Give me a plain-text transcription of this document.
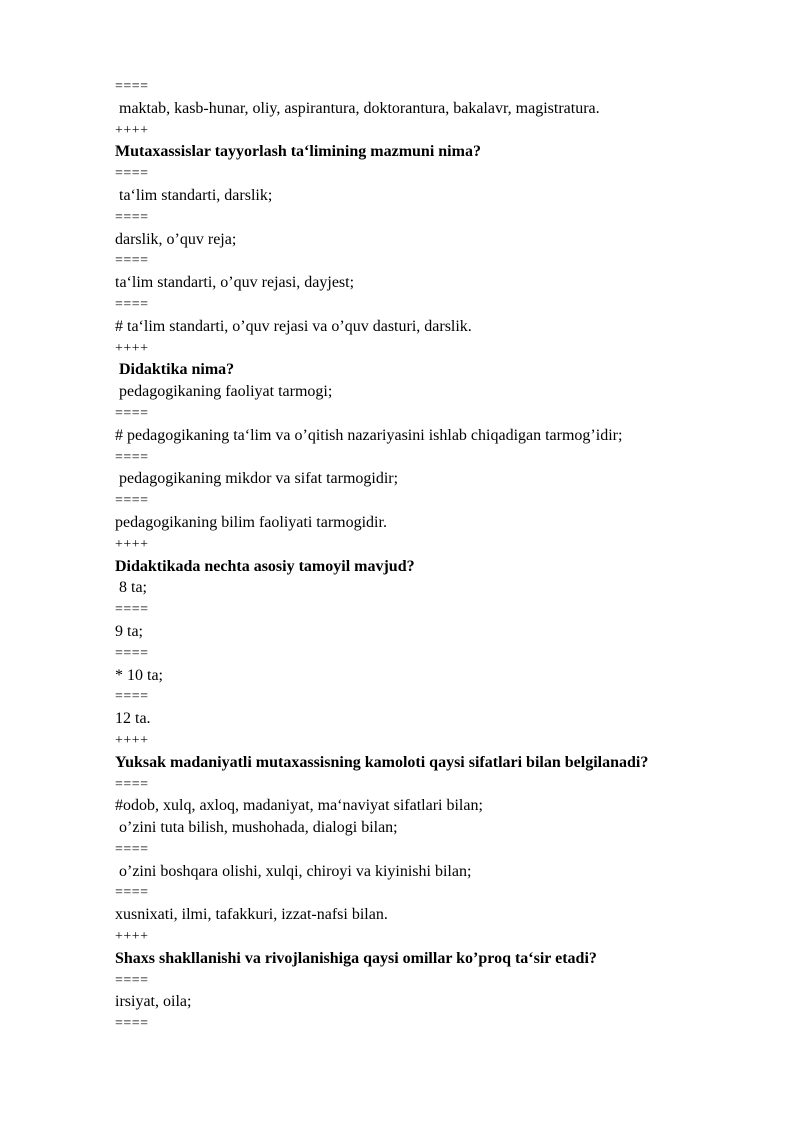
====
maktab, kasb-hunar, oliy, aspirantura, doktorantura, bakalavr, magistratura.
++++
Mutaxassislar tayyorlash ta‘limining mazmuni nima?
====
ta‘lim standarti, darslik;
====
darslik, o’quv reja;
====
ta‘lim standarti, o’quv rejasi, dayjest;
====
# ta‘lim standarti, o’quv rejasi va o’quv dasturi, darslik.
++++
Didaktika nima?
pedagogikaning faoliyat tarmogi;
====
# pedagogikaning ta‘lim va o’qitish nazariyasini ishlab chiqadigan tarmog’idir;
====
pedagogikaning mikdor va sifat tarmogidir;
====
pedagogikaning bilim faoliyati tarmogidir.
++++
Didaktikada nechta asosiy tamoyil mavjud?
8 ta;
====
9 ta;
====
* 10 ta;
====
12 ta.
++++
Yuksak madaniyatli mutaxassisning kamoloti qaysi sifatlari bilan belgilanadi?
====
#odob, xulq, axloq, madaniyat, ma‘naviyat sifatlari bilan;
o’zini tuta bilish, mushohada, dialogi bilan;
====
o’zini boshqara olishi, xulqi, chiroyi va kiyinishi bilan;
====
xusnixati, ilmi, tafakkuri, izzat-nafsi bilan.
++++
Shaxs shakllanishi va rivojlanishiga qaysi omillar ko’proq ta‘sir etadi?
====
irsiyat, oila;
====
